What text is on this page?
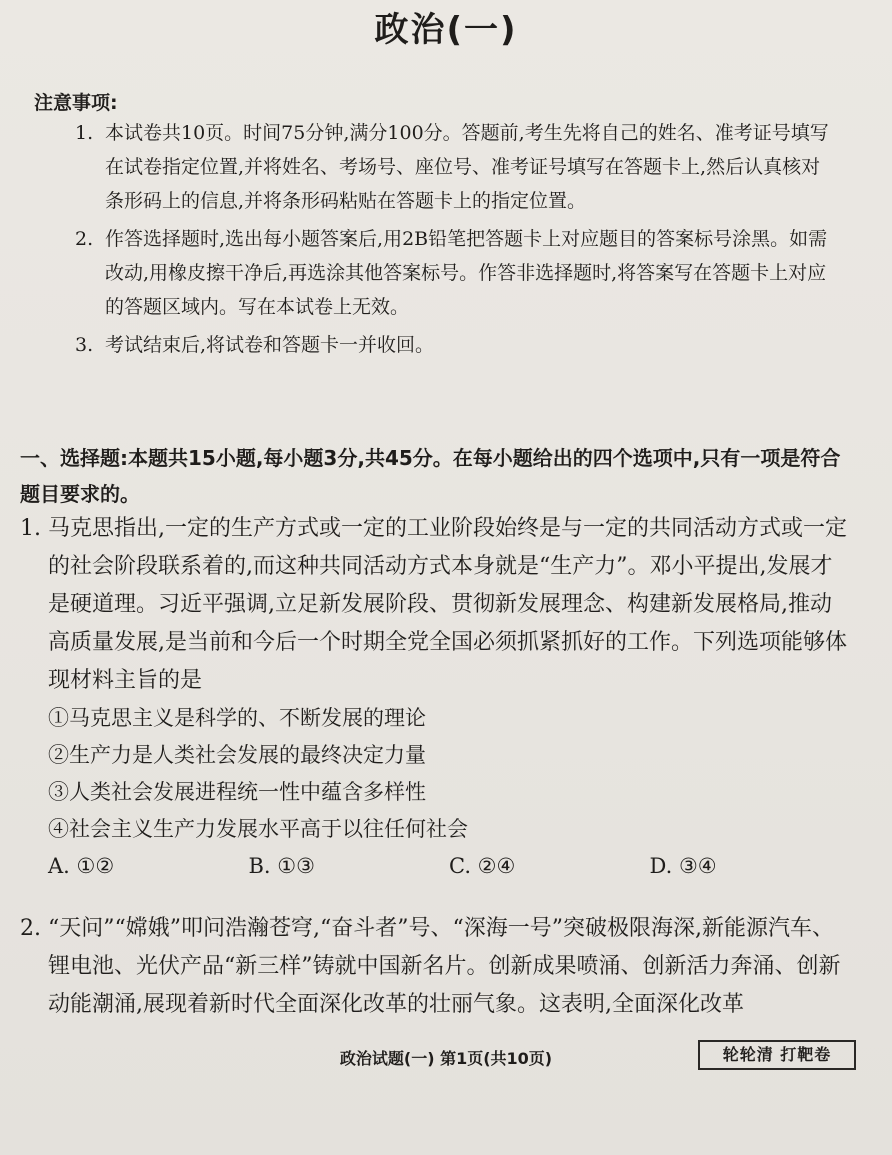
政治(一)
注意事项:
1. 本试卷共10页。时间75分钟,满分100分。答题前,考生先将自己的姓名、准考证号填写在试卷指定位置,并将姓名、考场号、座位号、准考证号填写在答题卡上,然后认真核对条形码上的信息,并将条形码粘贴在答题卡上的指定位置。
2. 作答选择题时,选出每小题答案后,用2B铅笔把答题卡上对应题目的答案标号涂黑。如需改动,用橡皮擦干净后,再选涂其他答案标号。作答非选择题时,将答案写在答题卡上对应的答题区域内。写在本试卷上无效。
3. 考试结束后,将试卷和答题卡一并收回。
一、选择题:本题共15小题,每小题3分,共45分。在每小题给出的四个选项中,只有一项是符合题目要求的。
1. 马克思指出,一定的生产方式或一定的工业阶段始终是与一定的共同活动方式或一定的社会阶段联系着的,而这种共同活动方式本身就是“生产力”。邓小平提出,发展才是硬道理。习近平强调,立足新发展阶段、贯彻新发展理念、构建新发展格局,推动高质量发展,是当前和今后一个时期全党全国必须抓紧抓好的工作。下列选项能够体现材料主旨的是
①马克思主义是科学的、不断发展的理论
②生产力是人类社会发展的最终决定力量
③人类社会发展进程统一性中蕴含多样性
④社会主义生产力发展水平高于以往任何社会
A. ①②	B. ①③	C. ②④	D. ③④
2. “天问”“嫦娥”叩问浩瀚苍穹,“奋斗者”号、“深海一号”突破极限海深,新能源汽车、锂电池、光伏产品“新三样”铸就中国新名片。创新成果喷涌、创新活力奔涌、创新动能潮涌,展现着新时代全面深化改革的壮丽气象。这表明,全面深化改革
政治试题(一) 第1页(共10页)	轮轮清 打靶卷
